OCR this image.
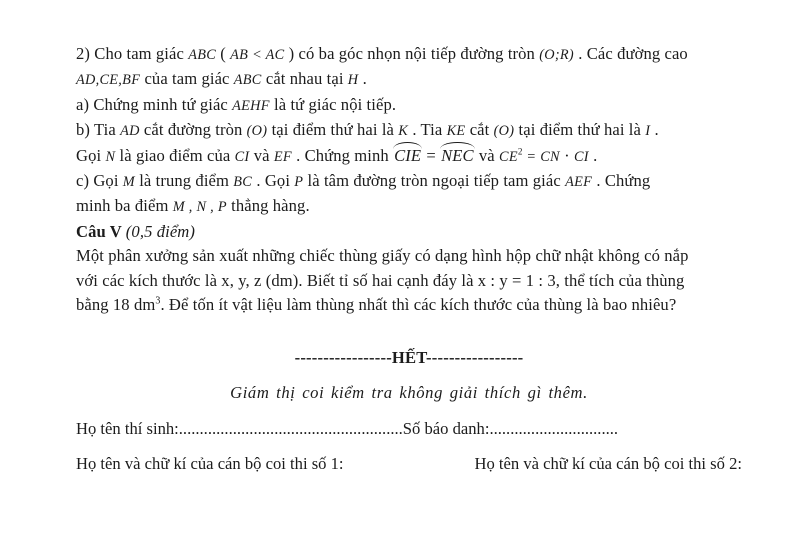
2) Cho tam giác ABC ( AB < AC ) có ba góc nhọn nội tiếp đường tròn (O;R) . Các đường cao
AD,CE,BF của tam giác ABC cắt nhau tại H .
a) Chứng minh tứ giác AEHF là tứ giác nội tiếp.
b) Tia AD cắt đường tròn (O) tại điểm thứ hai là K . Tia KE cắt (O) tại điểm thứ hai là I .
Gọi N là giao điểm của CI và EF . Chứng minh CIE = NEC và $CE^2$ = CN · CI .
c) Gọi M là trung điểm BC . Gọi P là tâm đường tròn ngoại tiếp tam giác AEF . Chứng
minh ba điểm M , N , P thẳng hàng.
Câu V (0,5 điểm)
Một phân xưởng sản xuất những chiếc thùng giấy có dạng hình hộp chữ nhật không có nắp
với các kích thước là x, y, z (dm). Biết tỉ số hai cạnh đáy là x : y = 1 : 3, thể tích của thùng
bằng 18 $dm^3$. Để tốn ít vật liệu làm thùng nhất thì các kích thước của thùng là bao nhiêu?
-----------------HẾT-----------------
Giám thị coi kiểm tra không giải thích gì thêm.
Họ tên thí sinh:......................................................Số báo danh:...............................
Họ tên và chữ kí của cán bộ coi thi số 1:	Họ tên và chữ kí của cán bộ coi thi số 2:
